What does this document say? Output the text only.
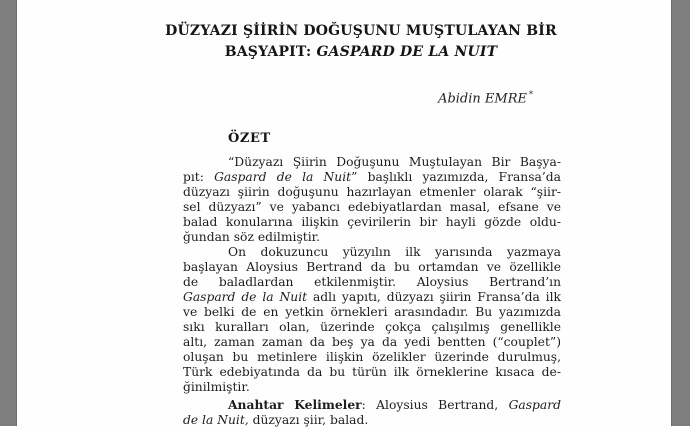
DÜZYAZI ŞİİRİN DOĞUŞUNU MUŞTULAYAN BİR
BAŞYAPIT: GASPARD DE LA NUIT
Abidin EMRE *
ÖZET
“Düzyazı Şiirin Doğuşunu Muştulayan Bir Başya-
pıt: Gaspard de la Nuit” başlıklı yazımızda, Fransa’da
düzyazı şiirin doğuşunu hazırlayan etmenler olarak “şiir-
sel düzyazı” ve yabancı edebiyatlardan masal, efsane ve
balad konularına ilişkin çevirilerin bir hayli gözde oldu-
ğundan söz edilmiştir.
On dokuzuncu yüzyılın ilk yarısında yazmaya
başlayan Aloysius Bertrand da bu ortamdan ve özellikle
de baladlardan etkilenmiştir. Aloysius Bertrand’ın
Gaspard de la Nuit adlı yapıtı, düzyazı şiirin Fransa’da ilk
ve belki de en yetkin örnekleri arasındadır. Bu yazımızda
sıkı kuralları olan, üzerinde çokça çalışılmış genellikle
altı, zaman zaman da beş ya da yedi bentten (“couplet”)
oluşan bu metinlere ilişkin özelikler üzerinde durulmuş,
Türk edebiyatında da bu türün ilk örneklerine kısaca de-
ğinilmiştir.
Anahtar Kelimeler: Aloysius Bertrand, Gaspard
de la Nuit, düzyazı şiir, balad.
